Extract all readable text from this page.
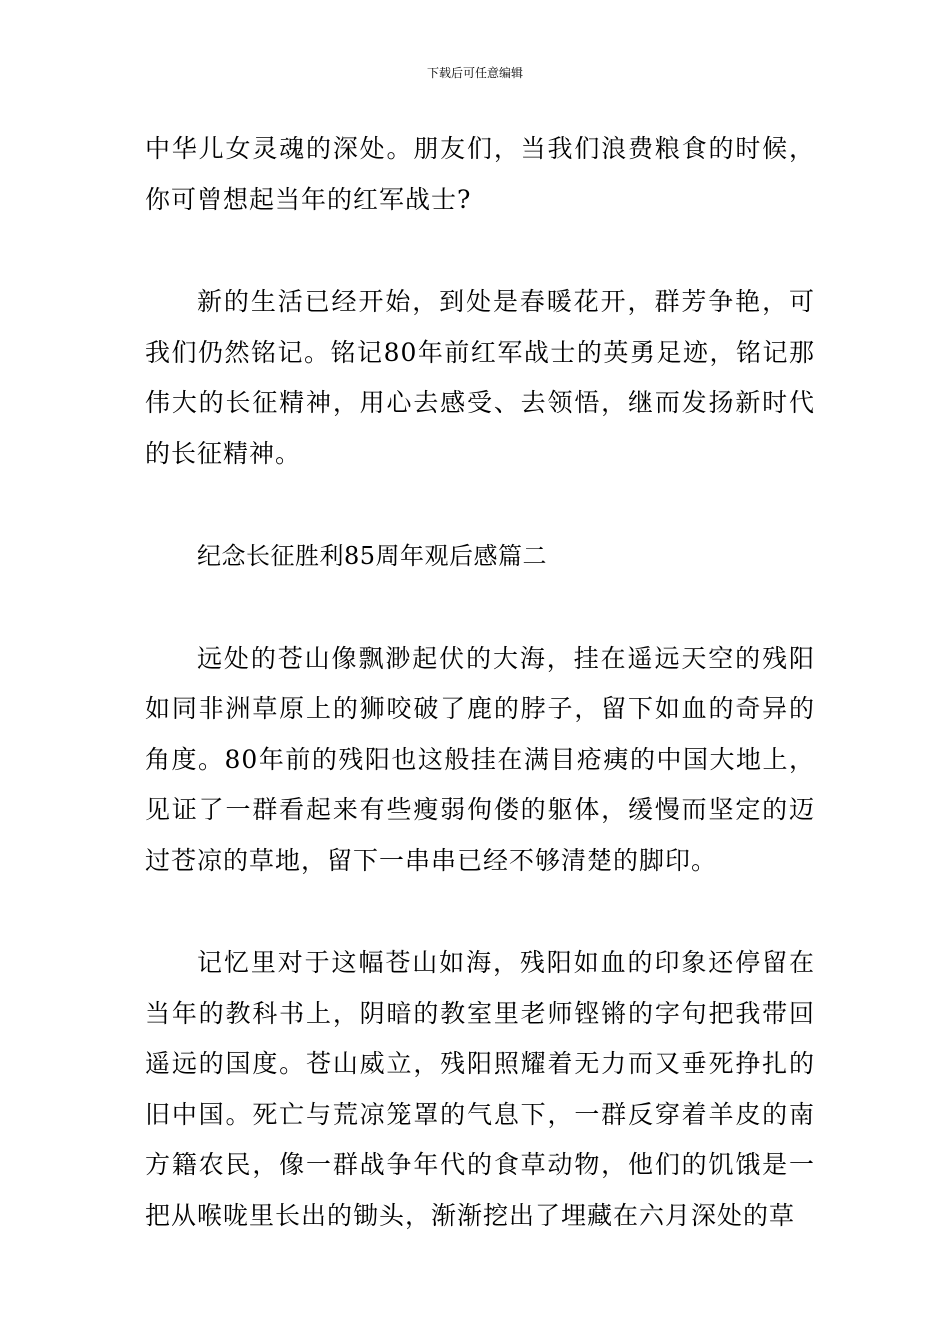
下载后可任意编辑

中华儿女灵魂的深处。朋友们，当我们浪费粮食的时候，你可曾想起当年的红军战士?

新的生活已经开始，到处是春暖花开，群芳争艳，可我们仍然铭记。铭记80年前红军战士的英勇足迹，铭记那伟大的长征精神，用心去感受、去领悟，继而发扬新时代的长征精神。

纪念长征胜利85周年观后感篇二

远处的苍山像飘渺起伏的大海，挂在遥远天空的残阳如同非洲草原上的狮咬破了鹿的脖子，留下如血的奇异的角度。80年前的残阳也这般挂在满目疮痍的中国大地上，见证了一群看起来有些瘦弱佝偻的躯体，缓慢而坚定的迈过苍凉的草地，留下一串串已经不够清楚的脚印。

记忆里对于这幅苍山如海，残阳如血的印象还停留在当年的教科书上，阴暗的教室里老师铿锵的字句把我带回遥远的国度。苍山威立，残阳照耀着无力而又垂死挣扎的旧中国。死亡与荒凉笼罩的气息下，一群反穿着羊皮的南方籍农民，像一群战争年代的食草动物，他们的饥饿是一把从喉咙里长出的锄头，渐渐挖出了埋藏在六月深处的草
